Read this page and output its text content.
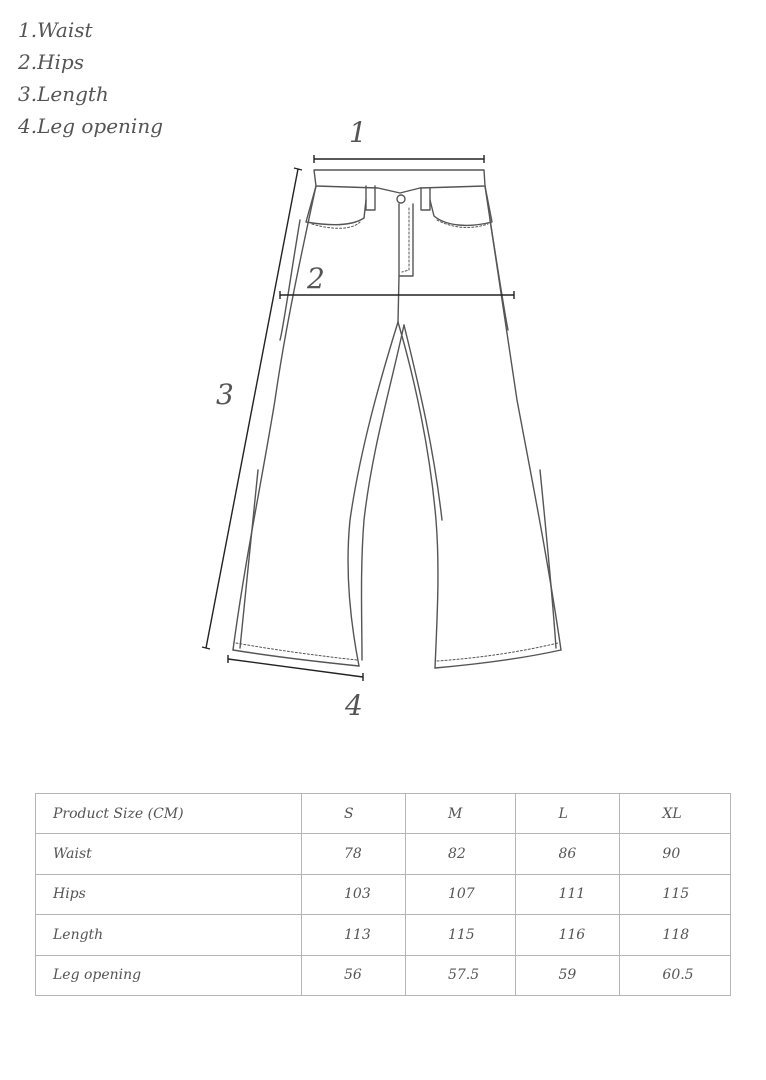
1.Waist
2.Hips
3.Length
4.Leg opening	1
2
3
4
Product Size (CM)	S	M	L	XL
Waist	78	82	86	90
Hips	103	107	111	115
Length	113	115	116	118
Leg opening	56	57.5	59	60.5
